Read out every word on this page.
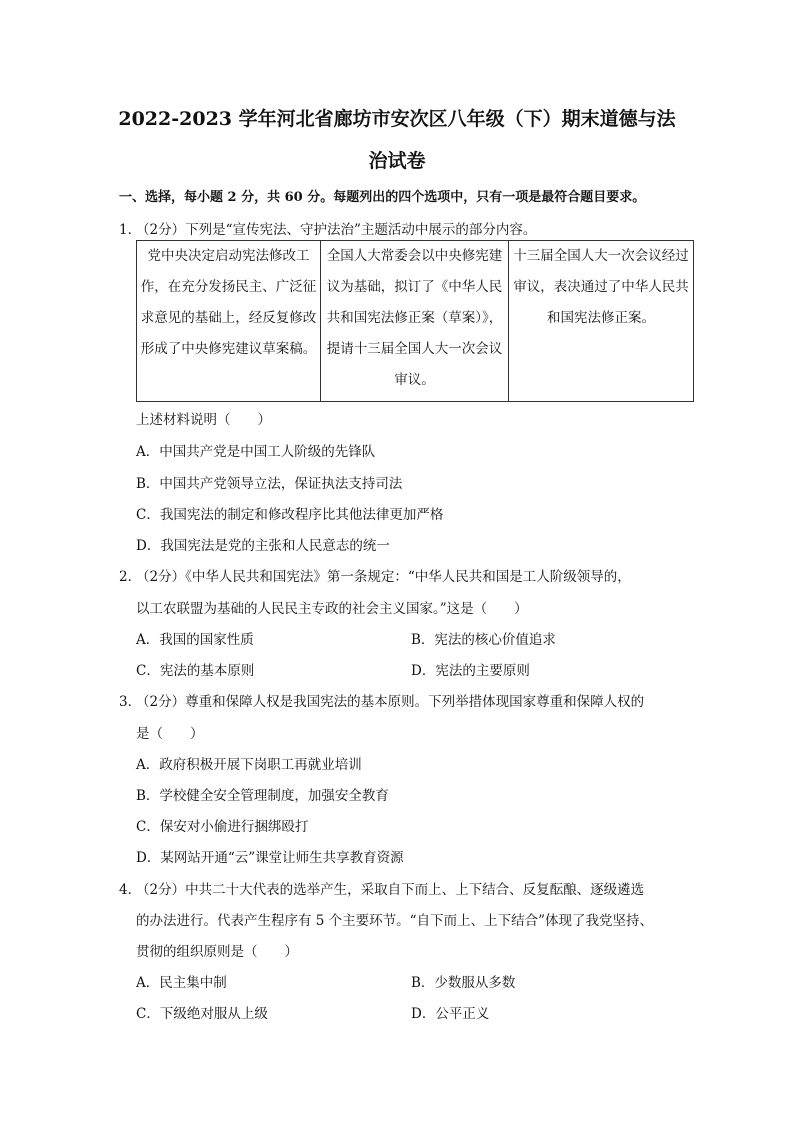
2022-2023 学年河北省廊坊市安次区八年级（下）期末道德与法
治试卷
一、选择，每小题 2 分，共 60 分。每题列出的四个选项中，只有一项是最符合题目要求。
1．
（2分）下列是“宣传宪法、守护法治”主题活动中展示的部分内容。
党中央决定启动宪法修改工作，在充分发扬民主、广泛征求意见的基础上，经反复修改形成了中央修宪建议草案稿。	全国人大常委会以中央修宪建议为基础，拟订了《中华人民共和国宪法修正案（草案）》，提请十三届全国人大一次会议审议。	十三届全国人大一次会议经过审议，表决通过了中华人民共和国宪法修正案。
上述材料说明（　　）
A．中国共产党是中国工人阶级的先锋队
B．中国共产党领导立法，保证执法支持司法
C．我国宪法的制定和修改程序比其他法律更加严格
D．我国宪法是党的主张和人民意志的统一
2．
（2分）《中华人民共和国宪法》第一条规定：“中华人民共和国是工人阶级领导的，
以工农联盟为基础的人民民主专政的社会主义国家。”这是（　　）
A．我国的国家性质	B．宪法的核心价值追求
C．宪法的基本原则	D．宪法的主要原则
3．
（2分）尊重和保障人权是我国宪法的基本原则。下列举措体现国家尊重和保障人权的
是（　　）
A．政府积极开展下岗职工再就业培训
B．学校健全安全管理制度，加强安全教育
C．保安对小偷进行捆绑殴打
D．某网站开通“云”课堂让师生共享教育资源
4．
（2分）中共二十大代表的选举产生，采取自下而上、上下结合、反复酝酿、逐级遴选
的办法进行。代表产生程序有 5 个主要环节。“自下而上、上下结合”体现了我党坚持、
贯彻的组织原则是（　　）
A．民主集中制	B．少数服从多数
C．下级绝对服从上级	D．公平正义
